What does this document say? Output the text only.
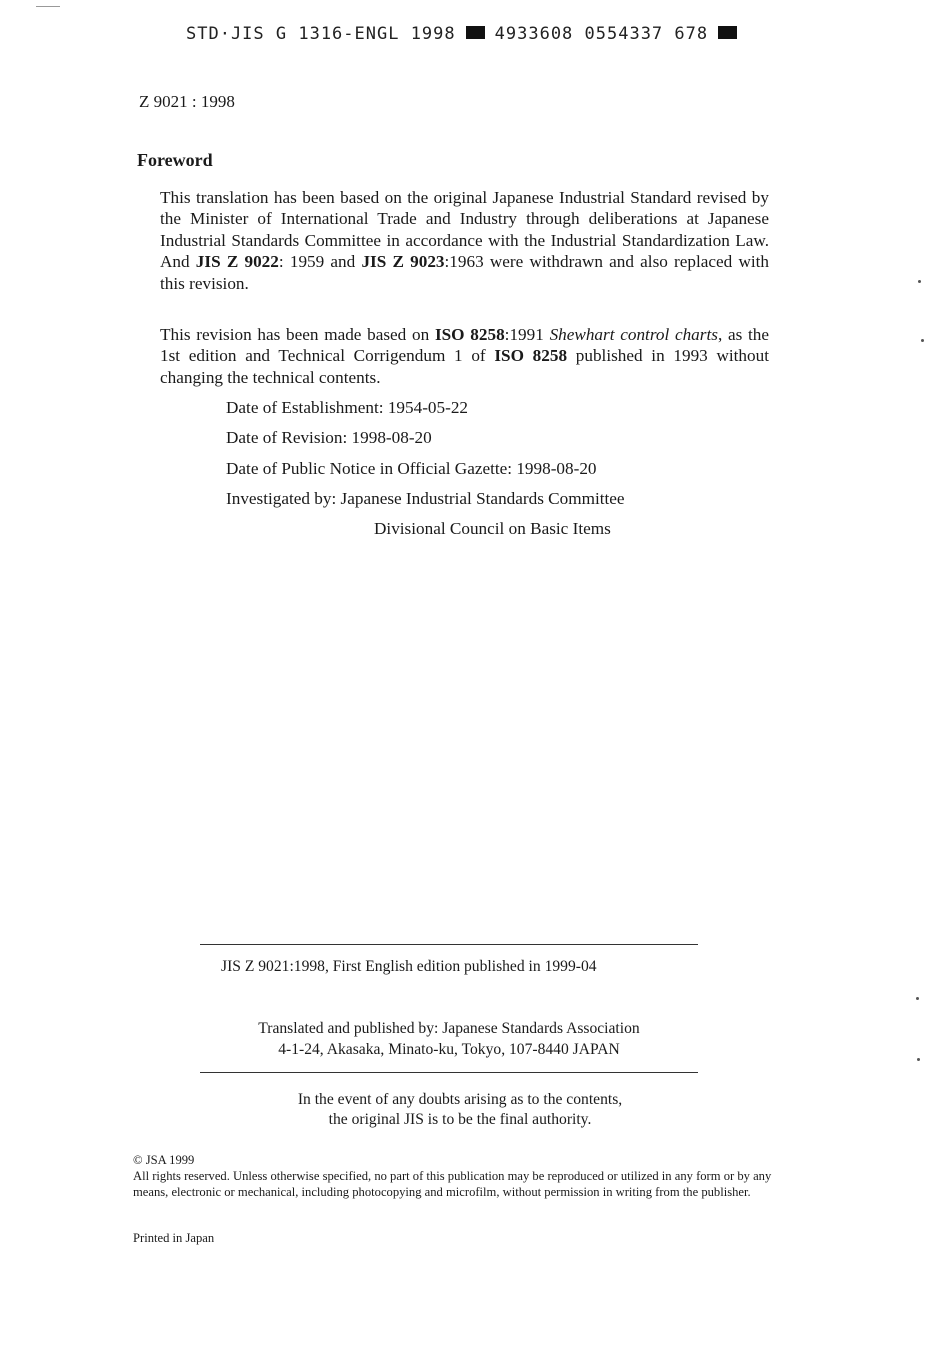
STD·JIS G 1316-ENGL 1998 4933608 0554337 678
Z 9021 : 1998
Foreword

This translation has been based on the original Japanese Industrial Standard revised by the Minister of International Trade and Industry through deliberations at Japanese Industrial Standards Committee in accordance with the Industrial Standardization Law. And JIS Z 9022: 1959 and JIS Z 9023:1963 were withdrawn and also replaced with this revision.

This revision has been made based on ISO 8258:1991 Shewhart control charts, as the 1st edition and Technical Corrigendum 1 of ISO 8258 published in 1993 without changing the technical contents.

Date of Establishment: 1954-05-22
Date of Revision: 1998-08-20
Date of Public Notice in Official Gazette: 1998-08-20
Investigated by: Japanese Industrial Standards Committee
Divisional Council on Basic Items
JIS Z 9021:1998, First English edition published in 1999-04
Translated and published by: Japanese Standards Association
4-1-24, Akasaka, Minato-ku, Tokyo, 107-8440 JAPAN
In the event of any doubts arising as to the contents,
the original JIS is to be the final authority.
© JSA 1999
All rights reserved. Unless otherwise specified, no part of this publication may be reproduced or utilized in any form or by any means, electronic or mechanical, including photocopying and microfilm, without permission in writing from the publisher.
Printed in Japan
